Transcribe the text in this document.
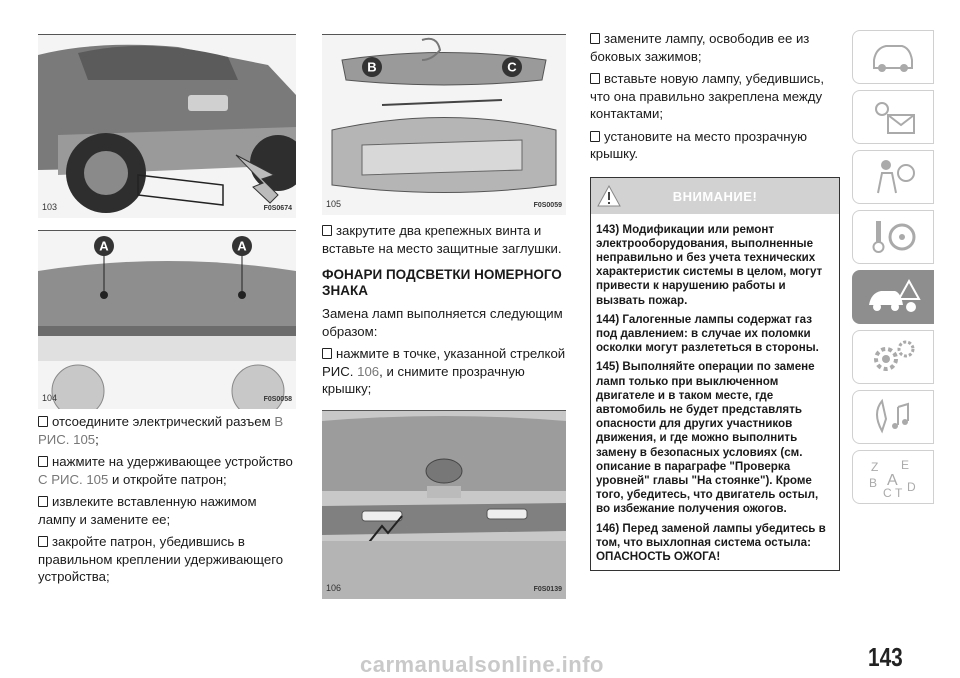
103	F0S0674
A	A
104	F0S0058
отсоедините электрический разъем В РИС. 105;
нажмите на удерживающее устройство С РИС. 105 и откройте патрон;
извлеките вставленную нажимом лампу и замените ее;
закройте патрон, убедившись в правильном креплении удерживающего устройства;
B	C
105	F0S0059
закрутите два крепежных винта и вставьте на место защитные заглушки.
ФОНАРИ ПОДСВЕТКИ НОМЕРНОГО ЗНАКА
Замена ламп выполняется следующим образом:
нажмите в точке, указанной стрелкой РИС. 106, и снимите прозрачную крышку;
106	F0S0139
замените лампу, освободив ее из боковых зажимов;
вставьте новую лампу, убедившись, что она правильно закреплена между контактами;
установите на место прозрачную крышку.
ВНИМАНИЕ!
143) Модификации или ремонт электрооборудования, выполненные неправильно и без учета технических характеристик системы в целом, могут привести к нарушению работы и вызвать пожар.
144) Галогенные лампы содержат газ под давлением: в случае их поломки осколки могут разлететься в стороны.
145) Выполняйте операции по замене ламп только при выключенном двигателе и в таком месте, где автомобиль не будет представлять опасности для других участников движения, и где можно выполнить замену в безопасных условиях (см. описание в параграфе "Проверка уровней" главы "На стоянке"). Кроме того, убедитесь, что двигатель остыл, во избежание получения ожогов.
146) Перед заменой лампы убедитесь в том, что выхлопная система остыла: ОПАСНОСТЬ ОЖОГА!
Z E
B A
C T D
143
carmanualsonline.info
